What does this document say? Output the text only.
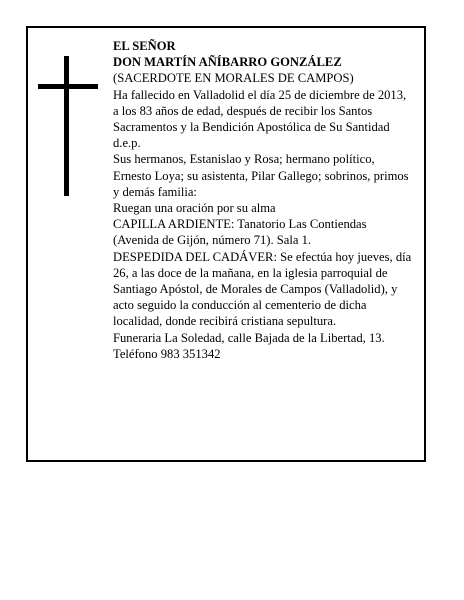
EL SEÑOR

DON MARTÍN AÑÍBARRO GONZÁLEZ

(SACERDOTE EN MORALES DE CAMPOS)

Ha fallecido en Valladolid el día 25 de diciembre de 2013, a los 83 años de edad, después de recibir los Santos Sacramentos y la Bendición Apostólica de Su Santidad

d.e.p.

Sus hermanos, Estanislao y Rosa; hermano político, Ernesto Loya; su asistenta, Pilar Gallego; sobrinos, primos y demás familia:

Ruegan una oración por su alma

CAPILLA ARDIENTE: Tanatorio Las Contiendas (Avenida de Gijón, número 71). Sala 1.

DESPEDIDA DEL CADÁVER: Se efectúa hoy jueves, día 26, a las doce de la mañana, en la iglesia parroquial de Santiago Apóstol, de Morales de Campos (Valladolid), y acto seguido la conducción al cementerio de dicha localidad, donde recibirá cristiana sepultura.

Funeraria La Soledad, calle Bajada de la Libertad, 13. Teléfono 983 351342
